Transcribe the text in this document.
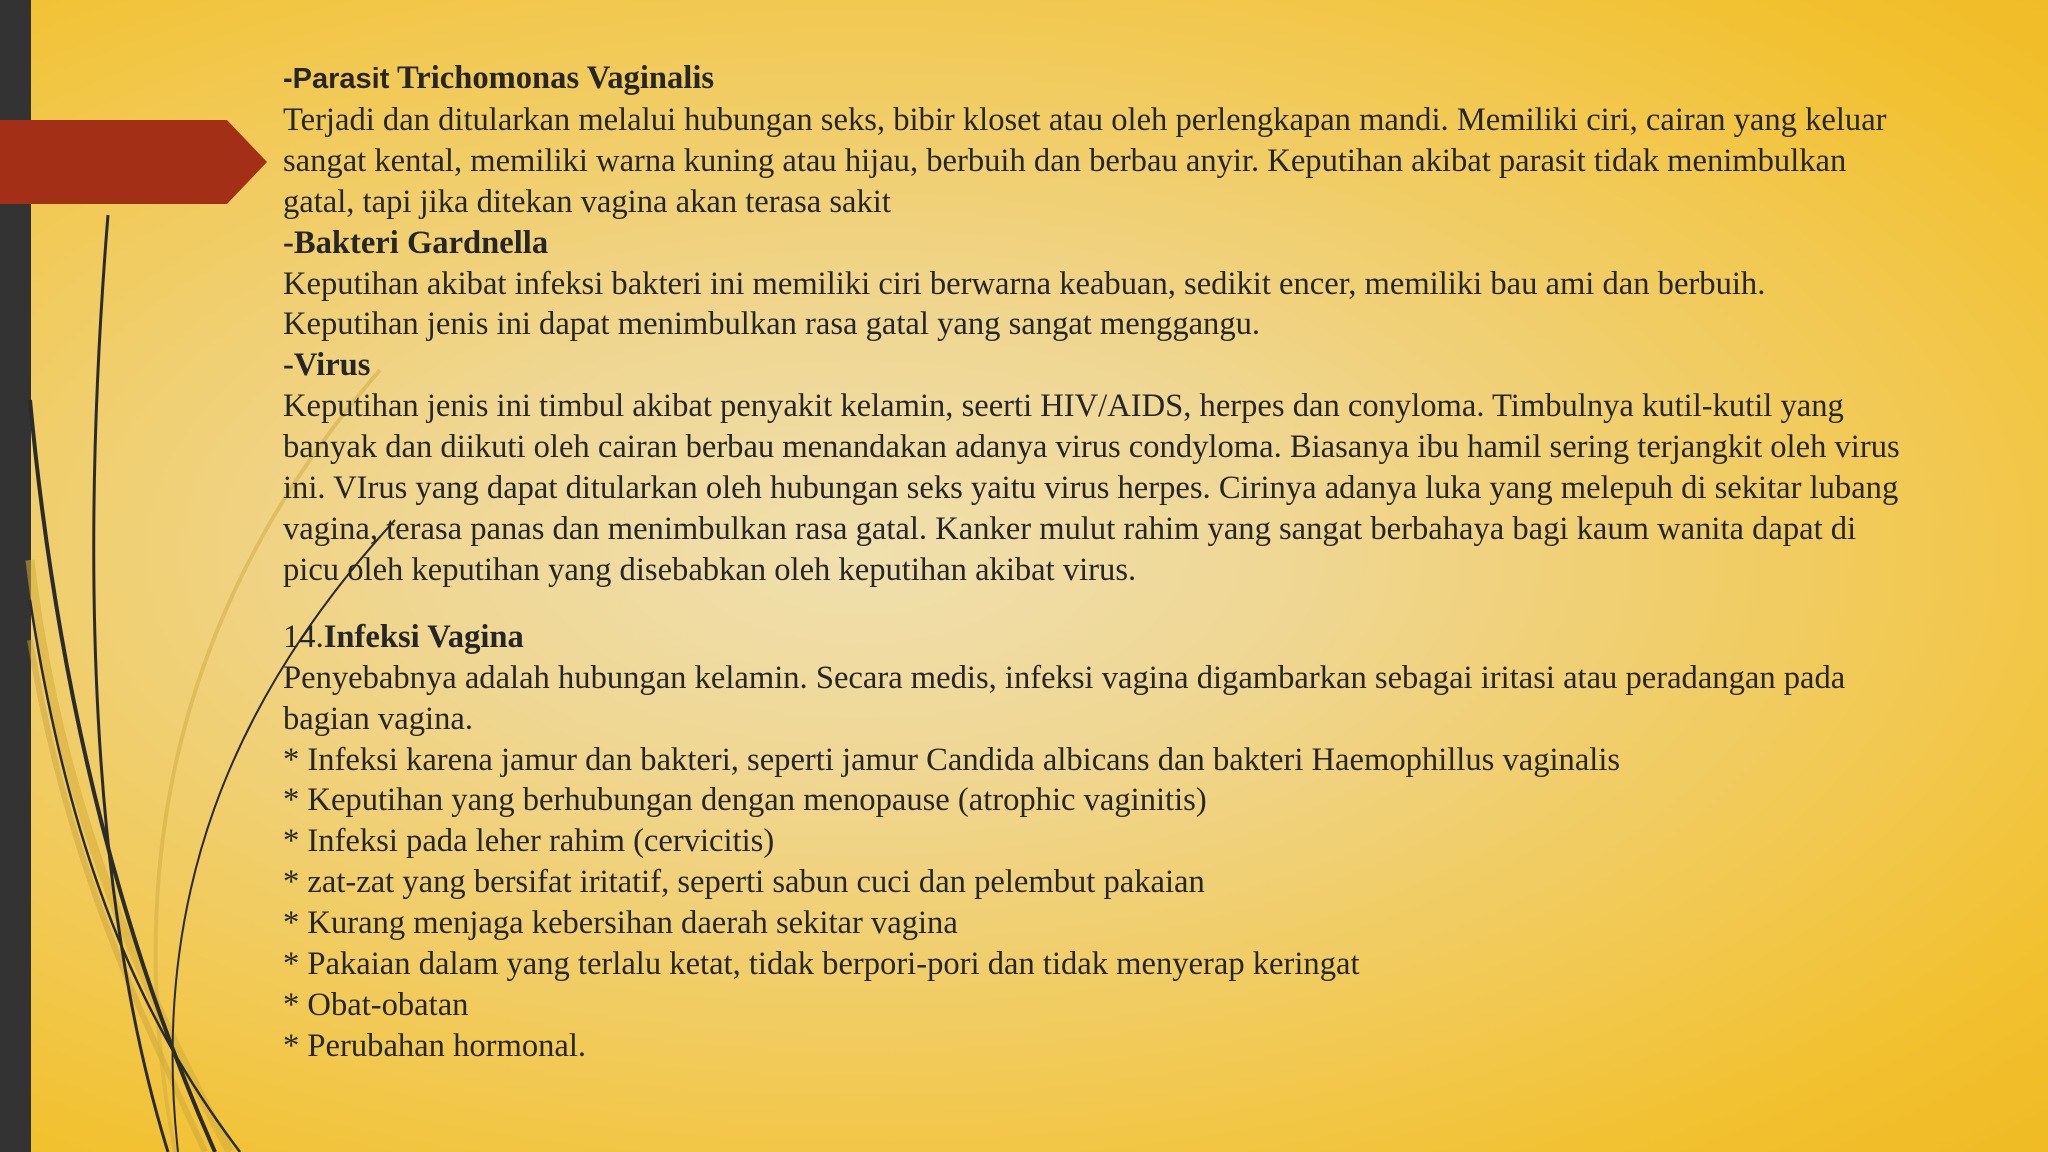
-Parasit Trichomonas Vaginalis
Terjadi dan ditularkan melalui hubungan seks, bibir kloset atau oleh perlengkapan mandi. Memiliki ciri, cairan yang keluar
sangat kental, memiliki warna kuning atau hijau, berbuih dan berbau anyir. Keputihan akibat parasit tidak menimbulkan
gatal, tapi jika ditekan vagina akan terasa sakit
-Bakteri Gardnella
Keputihan akibat infeksi bakteri ini memiliki ciri berwarna keabuan, sedikit encer, memiliki bau ami dan berbuih.
Keputihan jenis ini dapat menimbulkan rasa gatal yang sangat menggangu.
-Virus
Keputihan jenis ini timbul akibat penyakit kelamin, seerti HIV/AIDS, herpes dan conyloma. Timbulnya kutil-kutil yang
banyak dan diikuti oleh cairan berbau menandakan adanya virus condyloma. Biasanya ibu hamil sering terjangkit oleh virus
ini. VIrus yang dapat ditularkan oleh hubungan seks yaitu virus herpes. Cirinya adanya luka yang melepuh di sekitar lubang
vagina, terasa panas dan menimbulkan rasa gatal. Kanker mulut rahim yang sangat berbahaya bagi kaum wanita dapat di
picu oleh keputihan yang disebabkan oleh keputihan akibat virus.
14.Infeksi Vagina
Penyebabnya adalah hubungan kelamin. Secara medis, infeksi vagina digambarkan sebagai iritasi atau peradangan pada
bagian vagina.
* Infeksi karena jamur dan bakteri, seperti jamur Candida albicans dan bakteri Haemophillus vaginalis
* Keputihan yang berhubungan dengan menopause (atrophic vaginitis)
* Infeksi pada leher rahim (cervicitis)
* zat-zat yang bersifat iritatif, seperti sabun cuci dan pelembut pakaian
* Kurang menjaga kebersihan daerah sekitar vagina
* Pakaian dalam yang terlalu ketat, tidak berpori-pori dan tidak menyerap keringat
* Obat-obatan
* Perubahan hormonal.
